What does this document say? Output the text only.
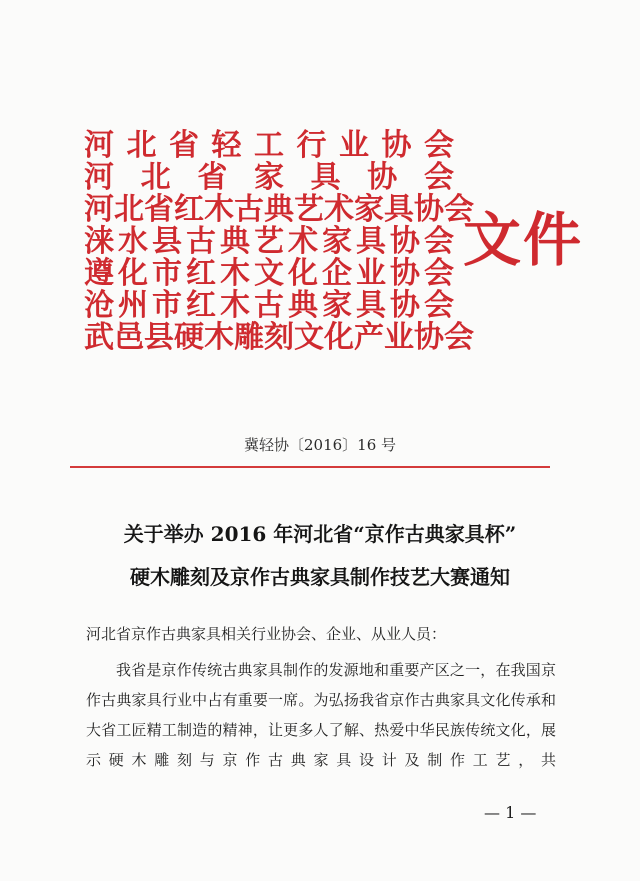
河 北 省 轻 工 行 业 协 会
河 北 省 家 具 协 会
河 北 省 红 木 古 典 艺 术 家 具 协 会
涞 水 县 古 典 艺 术 家 具 协 会
遵 化 市 红 木 文 化 企 业 协 会
沧 州 市 红 木 古 典 家 具 协 会
武 邑 县 硬 木 雕 刻 文 化 产 业 协 会
文件
冀轻协〔2016〕16 号
关于举办 2016 年河北省“京作古典家具杯”
硬木雕刻及京作古典家具制作技艺大赛通知
河北省京作古典家具相关行业协会、企业、从业人员：

我省是京作传统古典家具制作的发源地和重要产区之一，在我国京作古典家具行业中占有重要一席。为弘扬我省京作古典家具文化传承和大省工匠精工制造的精神，让更多人了解、热爱中华民族传统文化，展示硬木雕刻与京作古典家具设计及制作工艺，共

— 1 —
